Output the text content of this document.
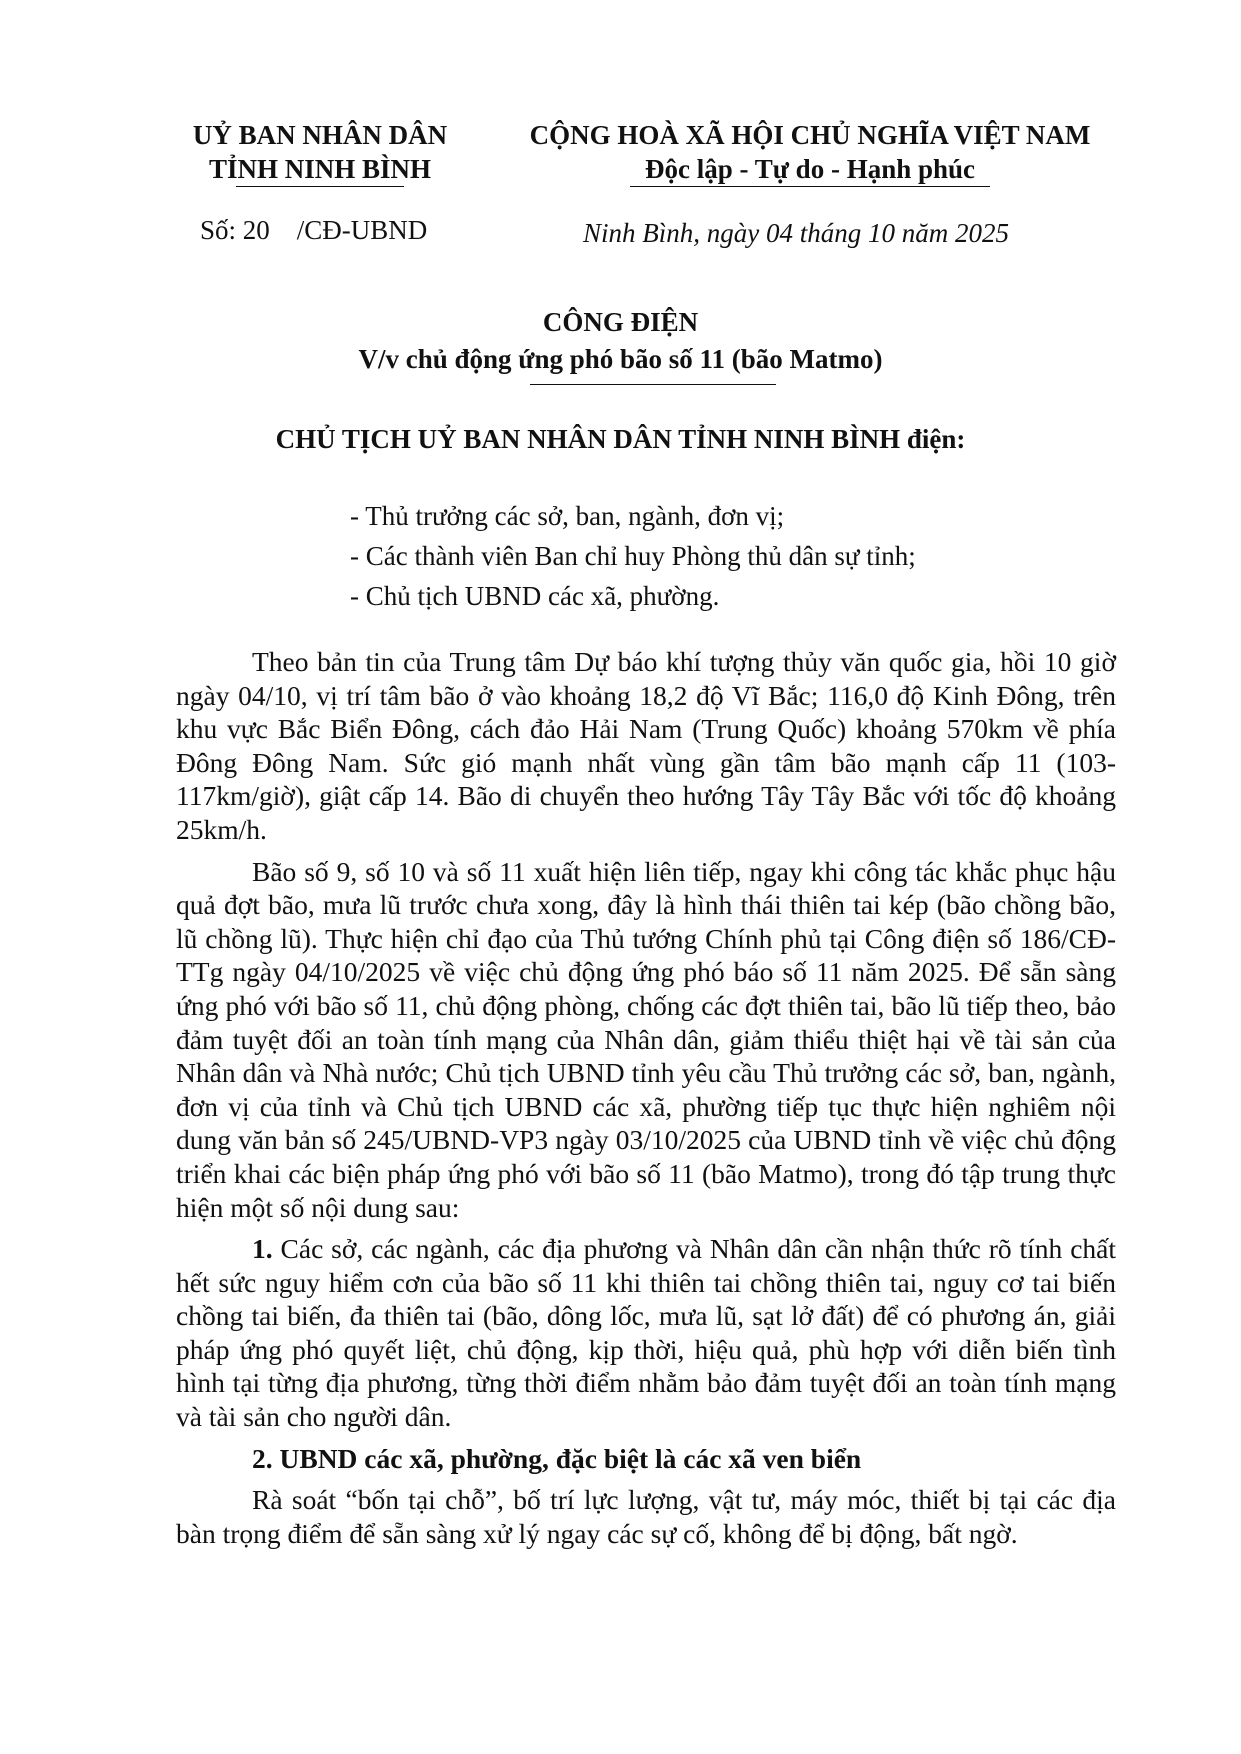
UỶ BAN NHÂN DÂN
TỈNH NINH BÌNH
CỘNG HOÀ XÃ HỘI CHỦ NGHĨA VIỆT NAM
Độc lập - Tự do - Hạnh phúc
Số: 20    /CĐ-UBND	Ninh Bình, ngày 04 tháng 10 năm 2025
CÔNG ĐIỆN
V/v chủ động ứng phó bão số 11 (bão Matmo)
CHỦ TỊCH UỶ BAN NHÂN DÂN TỈNH NINH BÌNH điện:
- Thủ trưởng các sở, ban, ngành, đơn vị;
- Các thành viên Ban chỉ huy Phòng thủ dân sự tỉnh;
- Chủ tịch UBND các xã, phường.

Theo bản tin của Trung tâm Dự báo khí tượng thủy văn quốc gia, hồi 10 giờ ngày 04/10, vị trí tâm bão ở vào khoảng 18,2 độ Vĩ Bắc; 116,0 độ Kinh Đông, trên khu vực Bắc Biển Đông, cách đảo Hải Nam (Trung Quốc) khoảng 570km về phía Đông Đông Nam. Sức gió mạnh nhất vùng gần tâm bão mạnh cấp 11 (103-117km/giờ), giật cấp 14. Bão di chuyển theo hướng Tây Tây Bắc với tốc độ khoảng 25km/h.

Bão số 9, số 10 và số 11 xuất hiện liên tiếp, ngay khi công tác khắc phục hậu quả đợt bão, mưa lũ trước chưa xong, đây là hình thái thiên tai kép (bão chồng bão, lũ chồng lũ). Thực hiện chỉ đạo của Thủ tướng Chính phủ tại Công điện số 186/CĐ-TTg ngày 04/10/2025 về việc chủ động ứng phó báo số 11 năm 2025. Để sẵn sàng ứng phó với bão số 11, chủ động phòng, chống các đợt thiên tai, bão lũ tiếp theo, bảo đảm tuyệt đối an toàn tính mạng của Nhân dân, giảm thiểu thiệt hại về tài sản của Nhân dân và Nhà nước; Chủ tịch UBND tỉnh yêu cầu Thủ trưởng các sở, ban, ngành, đơn vị của tỉnh và Chủ tịch UBND các xã, phường tiếp tục thực hiện nghiêm nội dung văn bản số 245/UBND-VP3 ngày 03/10/2025 của UBND tỉnh về việc chủ động triển khai các biện pháp ứng phó với bão số 11 (bão Matmo), trong đó tập trung thực hiện một số nội dung sau:

1. Các sở, các ngành, các địa phương và Nhân dân cần nhận thức rõ tính chất hết sức nguy hiểm cơn của bão số 11 khi thiên tai chồng thiên tai, nguy cơ tai biến chồng tai biến, đa thiên tai (bão, dông lốc, mưa lũ, sạt lở đất) để có phương án, giải pháp ứng phó quyết liệt, chủ động, kịp thời, hiệu quả, phù hợp với diễn biến tình hình tại từng địa phương, từng thời điểm nhằm bảo đảm tuyệt đối an toàn tính mạng và tài sản cho người dân.

2. UBND các xã, phường, đặc biệt là các xã ven biển

Rà soát “bốn tại chỗ”, bố trí lực lượng, vật tư, máy móc, thiết bị tại các địa bàn trọng điểm để sẵn sàng xử lý ngay các sự cố, không để bị động, bất ngờ.
